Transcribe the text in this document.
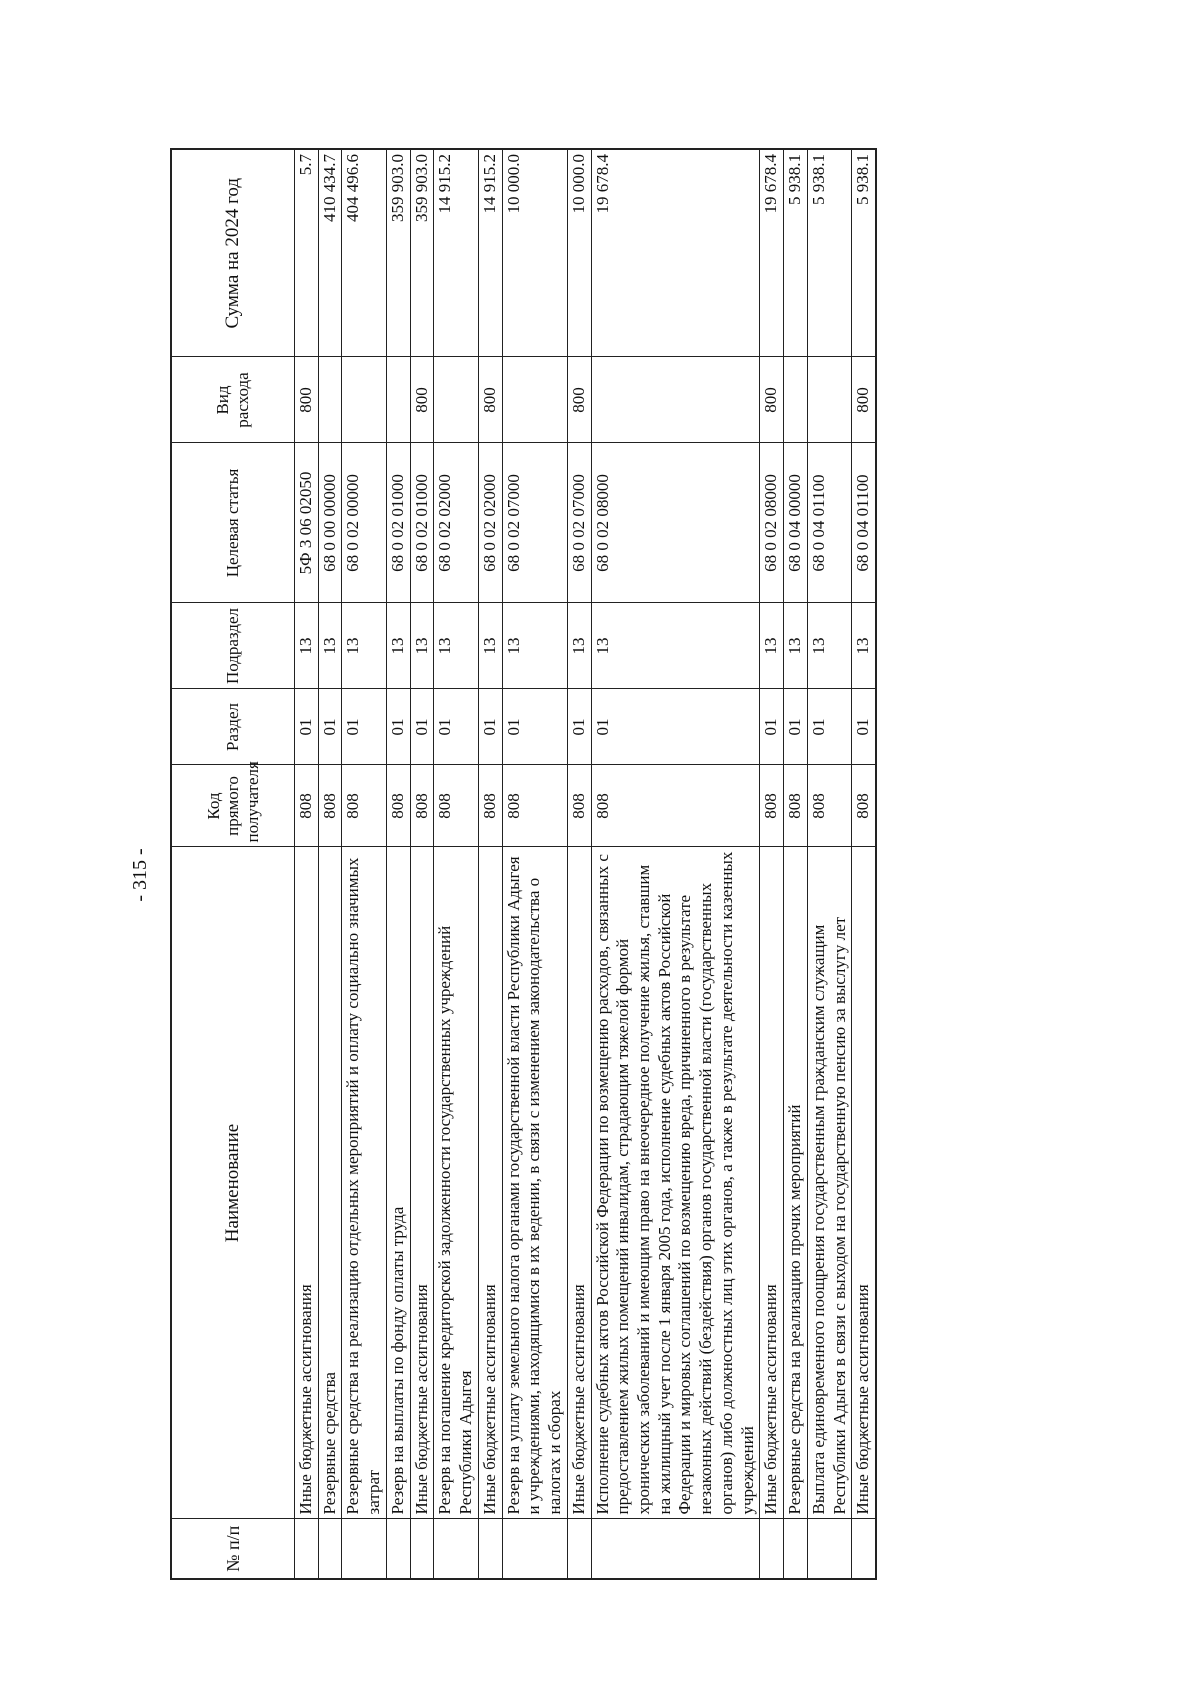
- 315 -
№ п/п	Наименование	Код прямого получателя	Раздел	Подраздел	Целевая статья	Вид расхода	Сумма на 2024 год
	Иные бюджетные ассигнования	808	01	13	5Ф 3 06 02050	800	5.7
	Резервные средства	808	01	13	68 0 00 00000		410 434.7
	Резервные средства на реализацию отдельных мероприятий и оплату социально значимых затрат	808	01	13	68 0 02 00000		404 496.6
	Резерв на выплаты по фонду оплаты труда	808	01	13	68 0 02 01000		359 903.0
	Иные бюджетные ассигнования	808	01	13	68 0 02 01000	800	359 903.0
	Резерв на погашение кредиторской задолженности государственных учреждений Республики Адыгея	808	01	13	68 0 02 02000		14 915.2
	Иные бюджетные ассигнования	808	01	13	68 0 02 02000	800	14 915.2
	Резерв на уплату земельного налога органами государственной власти Республики Адыгея и учреждениями, находящимися в их ведении, в связи с изменением законодательства о налогах и сборах	808	01	13	68 0 02 07000		10 000.0
	Иные бюджетные ассигнования	808	01	13	68 0 02 07000	800	10 000.0
	Исполнение судебных актов Российской Федерации по возмещению расходов, связанных с предоставлением жилых помещений инвалидам, страдающим тяжелой формой хронических заболеваний и имеющим право на внеочередное получение жилья, ставшим на жилищный учет после 1 января 2005 года, исполнение судебных актов Российской Федерации и мировых соглашений по возмещению вреда, причиненного в результате незаконных действий (бездействия) органов государственной власти (государственных органов) либо должностных лиц этих органов, а также в результате деятельности казенных учреждений	808	01	13	68 0 02 08000		19 678.4
	Иные бюджетные ассигнования	808	01	13	68 0 02 08000	800	19 678.4
	Резервные средства на реализацию прочих мероприятий	808	01	13	68 0 04 00000		5 938.1
	Выплата единовременного поощрения государственным гражданским служащим Республики Адыгея в связи с выходом на государственную пенсию за выслугу лет	808	01	13	68 0 04 01100		5 938.1
	Иные бюджетные ассигнования	808	01	13	68 0 04 01100	800	5 938.1
